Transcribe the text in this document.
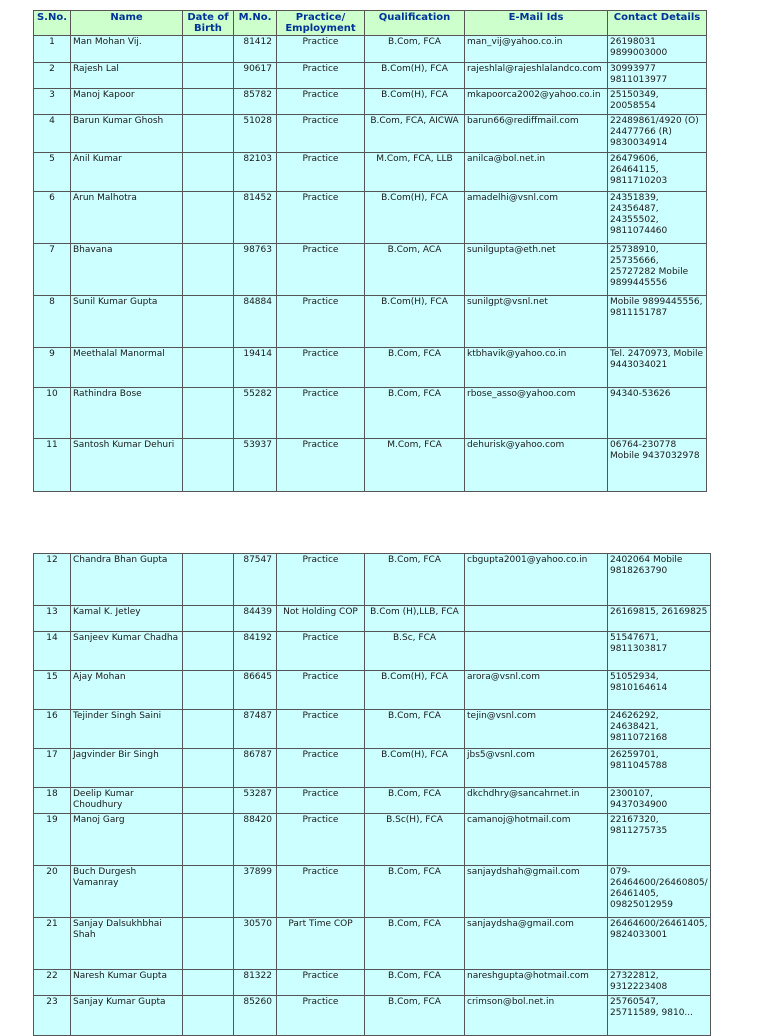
S.No.	Name	Date of Birth	M.No.	Practice/ Employment	Qualification	E-Mail Ids	Contact Details
1	Man Mohan Vij.		81412	Practice	B.Com, FCA	man_vij@yahoo.co.in	26198031 9899003000
2	Rajesh Lal		90617	Practice	B.Com(H), FCA	rajeshlal@rajeshlalandco.com	30993977 9811013977
3	Manoj Kapoor		85782	Practice	B.Com(H), FCA	mkapoorca2002@yahoo.co.in	25150349, 20058554
4	Barun Kumar Ghosh		51028	Practice	B.Com, FCA, AICWA	barun66@rediffmail.com	22489861/4920 (O) 24477766 (R) 9830034914
5	Anil Kumar		82103	Practice	M.Com, FCA, LLB	anilca@bol.net.in	26479606, 26464115, 9811710203
6	Arun Malhotra		81452	Practice	B.Com(H), FCA	amadelhi@vsnl.com	24351839, 24356487, 24355502, 9811074460
7	Bhavana		98763	Practice	B.Com, ACA	sunilgupta@eth.net	25738910, 25735666, 25727282 Mobile 9899445556
8	Sunil Kumar Gupta		84884	Practice	B.Com(H), FCA	sunilgpt@vsnl.net	Mobile 9899445556, 9811151787
9	Meethalal Manormal		19414	Practice	B.Com, FCA	ktbhavik@yahoo.co.in	Tel. 2470973, Mobile 9443034021
10	Rathindra Bose		55282	Practice	B.Com, FCA	rbose_asso@yahoo.com	94340-53626
11	Santosh Kumar Dehuri		53937	Practice	M.Com, FCA	dehurisk@yahoo.com	06764-230778 Mobile 9437032978
12	Chandra Bhan Gupta		87547	Practice	B.Com, FCA	cbgupta2001@yahoo.co.in	2402064 Mobile 9818263790
13	Kamal K. Jetley		84439	Not Holding COP	B.Com (H),LLB, FCA		26169815, 26169825
14	Sanjeev Kumar Chadha		84192	Practice	B.Sc, FCA		51547671, 9811303817
15	Ajay Mohan		86645	Practice	B.Com(H), FCA	arora@vsnl.com	51052934, 9810164614
16	Tejinder Singh Saini		87487	Practice	B.Com, FCA	tejin@vsnl.com	24626292, 24638421, 9811072168
17	Jagvinder Bir Singh		86787	Practice	B.Com(H), FCA	jbs5@vsnl.com	26259701, 9811045788
18	Deelip Kumar Choudhury		53287	Practice	B.Com, FCA	dkchdhry@sancahrnet.in	2300107, 9437034900
19	Manoj Garg		88420	Practice	B.Sc(H), FCA	camanoj@hotmail.com	22167320, 9811275735
20	Buch Durgesh Vamanray		37899	Practice	B.Com, FCA	sanjaydshah@gmail.com	079-26464600/26460805/ 26461405, 09825012959
21	Sanjay Dalsukhbhai Shah		30570	Part Time COP	B.Com, FCA	sanjaydsha@gmail.com	26464600/26461405, 9824033001
22	Naresh Kumar Gupta		81322	Practice	B.Com, FCA	nareshgupta@hotmail.com	27322812, 9312223408
23	Sanjay Kumar Gupta		85260	Practice	B.Com, FCA	crimson@bol.net.in	25760547, 25711589, 9810...
